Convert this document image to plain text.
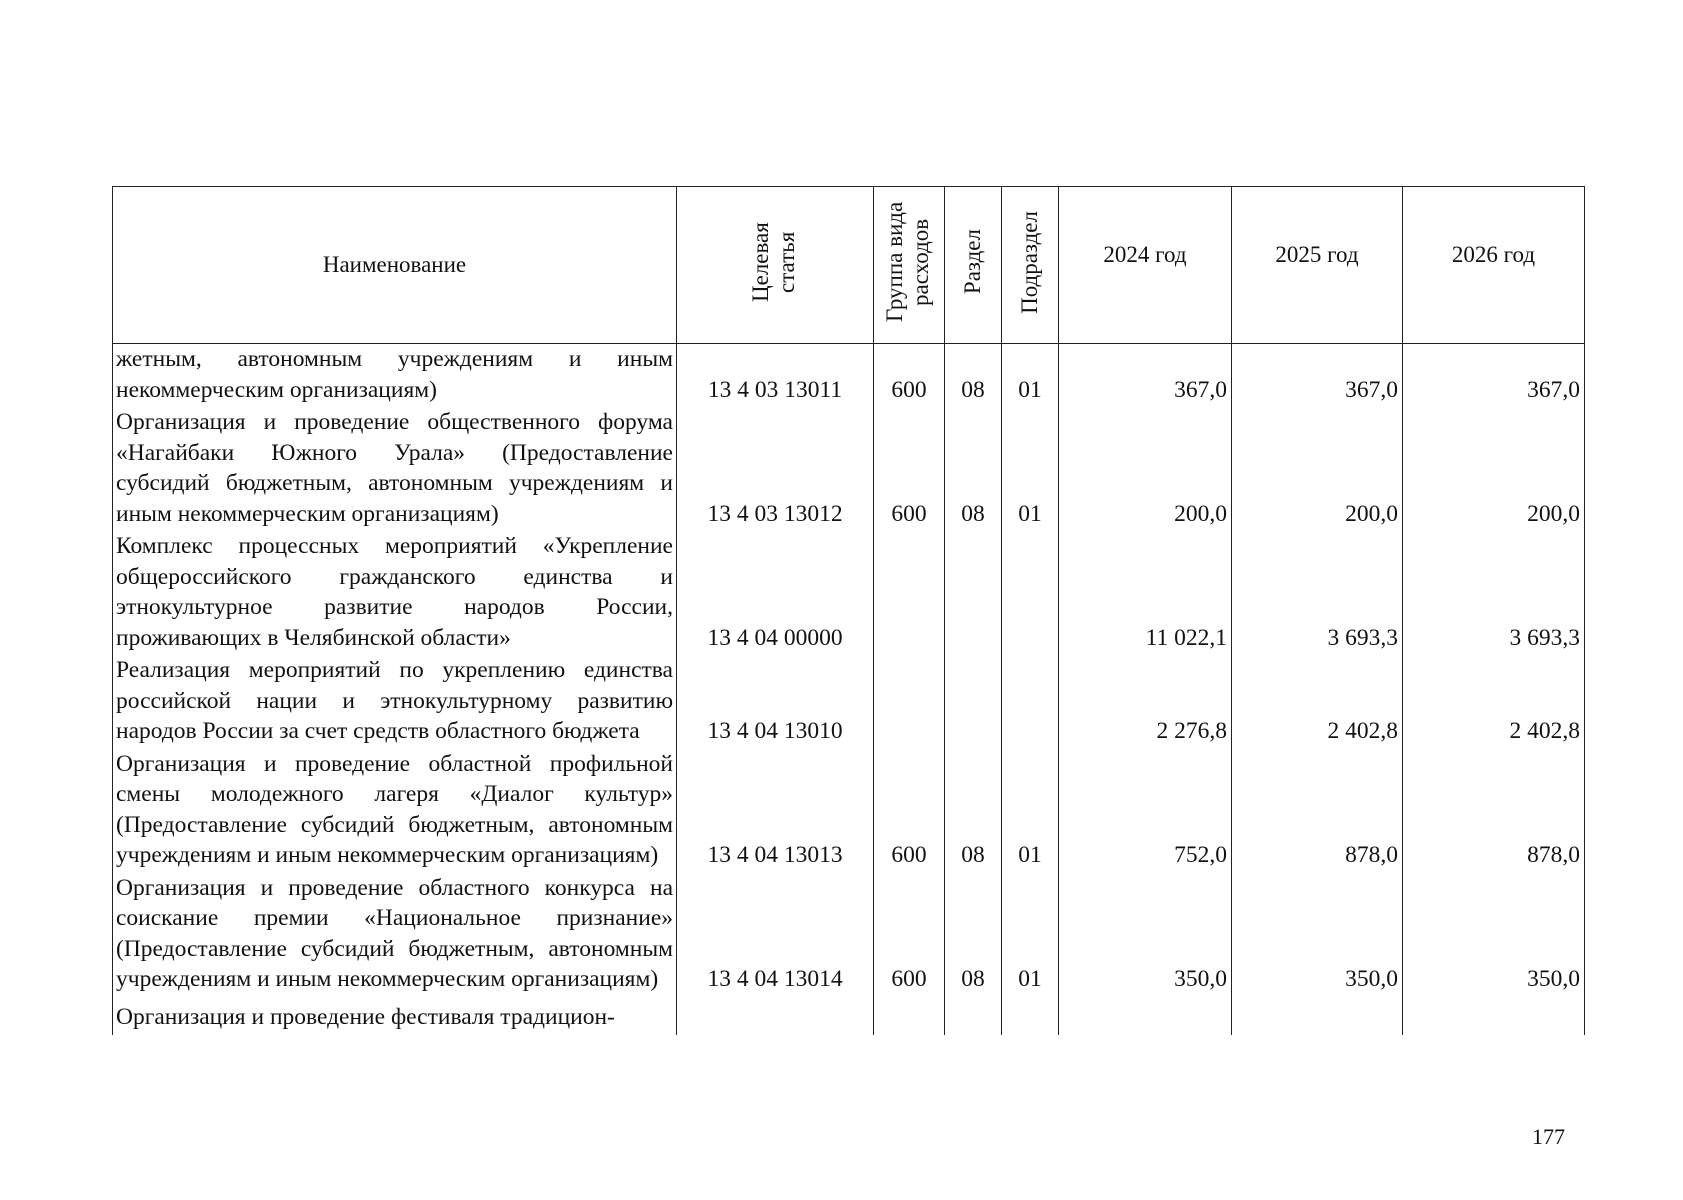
Наименование	Целевая статья	Группа вида расходов	Раздел	Подраздел	2024 год	2025 год	2026 год
жетным, автономным учреждениям и иным некоммерческим организациям)	13 4 03 13011	600	08	01	367,0	367,0	367,0
Организация и проведение общественного форума «Нагайбаки Южного Урала» (Предоставление субсидий бюджетным, автономным учреждениям и иным некоммерческим организациям)	13 4 03 13012	600	08	01	200,0	200,0	200,0
Комплекс процессных мероприятий «Укрепление общероссийского гражданского единства и этнокультурное развитие народов России, проживающих в Челябинской области»	13 4 04 00000				11 022,1	3 693,3	3 693,3
Реализация мероприятий по укреплению единства российской нации и этнокультурному развитию народов России за счет средств областного бюджета	13 4 04 13010				2 276,8	2 402,8	2 402,8
Организация и проведение областной профильной смены молодежного лагеря «Диалог культур» (Предоставление субсидий бюджетным, автономным учреждениям и иным некоммерческим организациям)	13 4 04 13013	600	08	01	752,0	878,0	878,0
Организация и проведение областного конкурса на соискание премии «Национальное признание» (Предоставление субсидий бюджетным, автономным учреждениям и иным некоммерческим организациям)	13 4 04 13014	600	08	01	350,0	350,0	350,0
Организация и проведение фестиваля традицион-							
177
